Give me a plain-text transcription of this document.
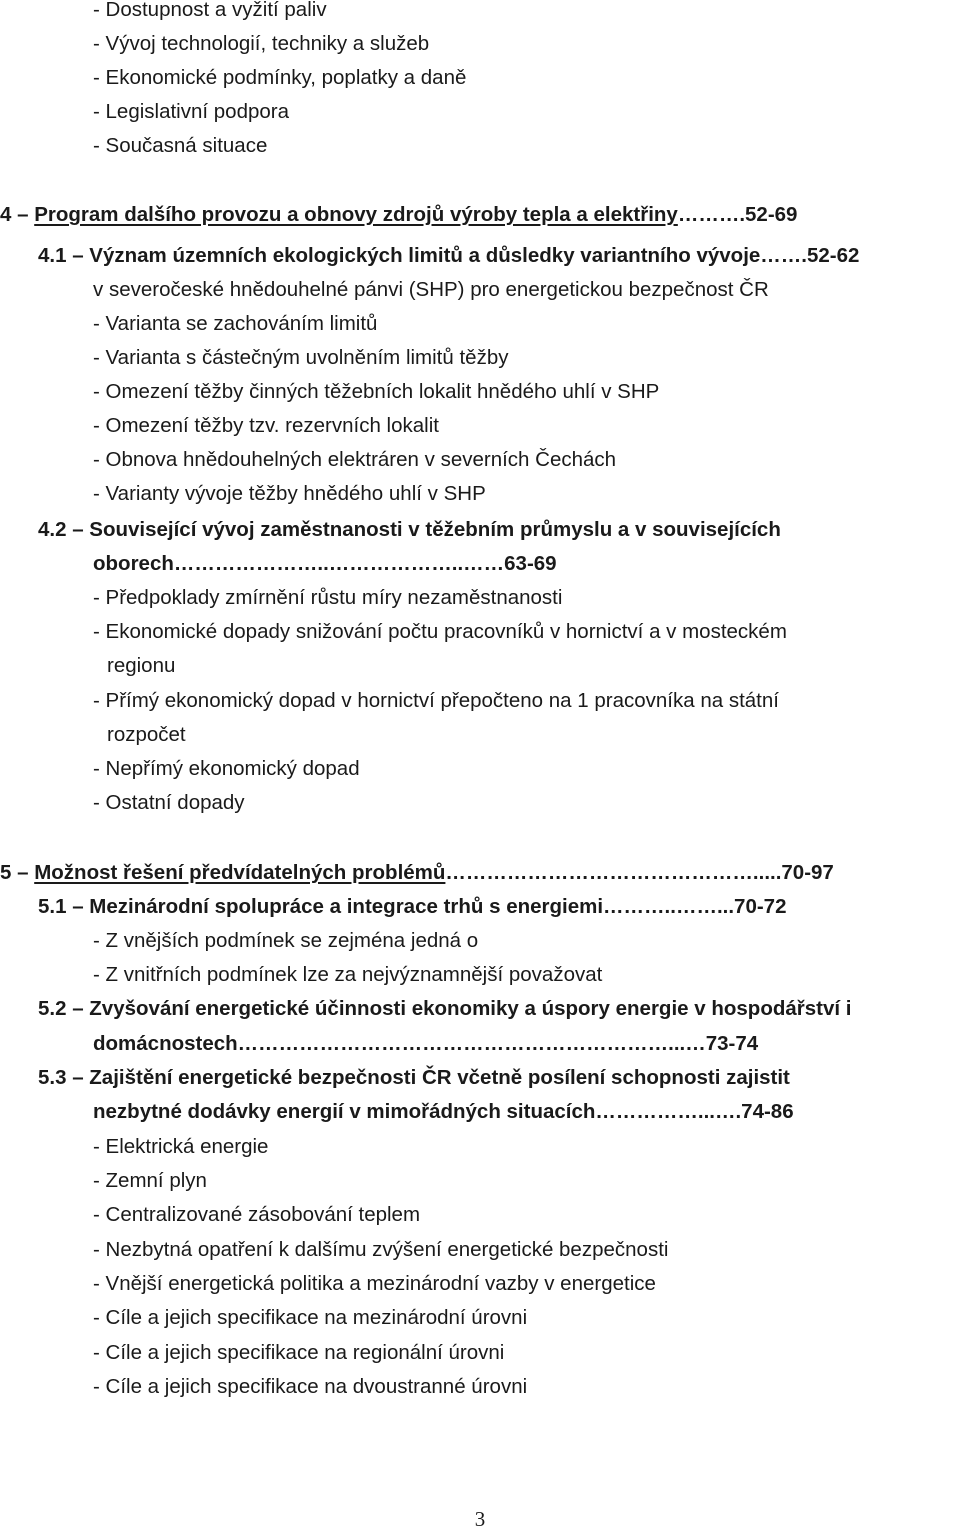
- Dostupnost a vyžití paliv
- Vývoj technologií, techniky a služeb
- Ekonomické podmínky, poplatky a daně
- Legislativní podpora
- Současná situace
4 – Program dalšího provozu a obnovy zdrojů výroby tepla a elektřiny……….52-69
4.1 – Význam územních ekologických limitů a důsledky variantního vývoje…….52-62
v severočeské hnědouhelné pánvi (SHP) pro energetickou bezpečnost ČR
- Varianta se zachováním limitů
- Varianta s částečným uvolněním limitů těžby
- Omezení těžby činných těžebních lokalit hnědého uhlí v SHP
- Omezení těžby tzv. rezervních lokalit
- Obnova hnědouhelných elektráren v severních Čechách
- Varianty vývoje těžby hnědého uhlí v SHP
4.2 – Související vývoj zaměstnanosti v těžebním průmyslu a v souvisejících
oborech…………………..………………..……63-69
- Předpoklady zmírnění růstu míry nezaměstnanosti
- Ekonomické dopady snižování počtu pracovníků v hornictví a v mosteckém
regionu
- Přímý ekonomický dopad v hornictví přepočteno na 1 pracovníka na státní
rozpočet
- Nepřímý ekonomický dopad
- Ostatní dopady
5 – Možnost řešení předvídatelných problémů……………………………………….....70-97
5.1 – Mezinárodní spolupráce a integrace trhů s energiemi………..……...70-72
- Z vnějších podmínek se zejména jedná o
- Z vnitřních podmínek lze za nejvýznamnější považovat
5.2 – Zvyšování energetické účinnosti ekonomiky a úspory energie v hospodářství i
domácnostech………………………………………………………...…73-74
5.3 – Zajištění energetické bezpečnosti ČR včetně posílení schopnosti zajistit
nezbytné dodávky energií v mimořádných situacích……………...….74-86
- Elektrická energie
- Zemní plyn
- Centralizované zásobování teplem
- Nezbytná opatření k dalšímu zvýšení energetické bezpečnosti
- Vnější energetická politika a mezinárodní vazby v energetice
- Cíle a jejich specifikace na mezinárodní úrovni
- Cíle a jejich specifikace na regionální úrovni
- Cíle a jejich specifikace na dvoustranné úrovni
3
